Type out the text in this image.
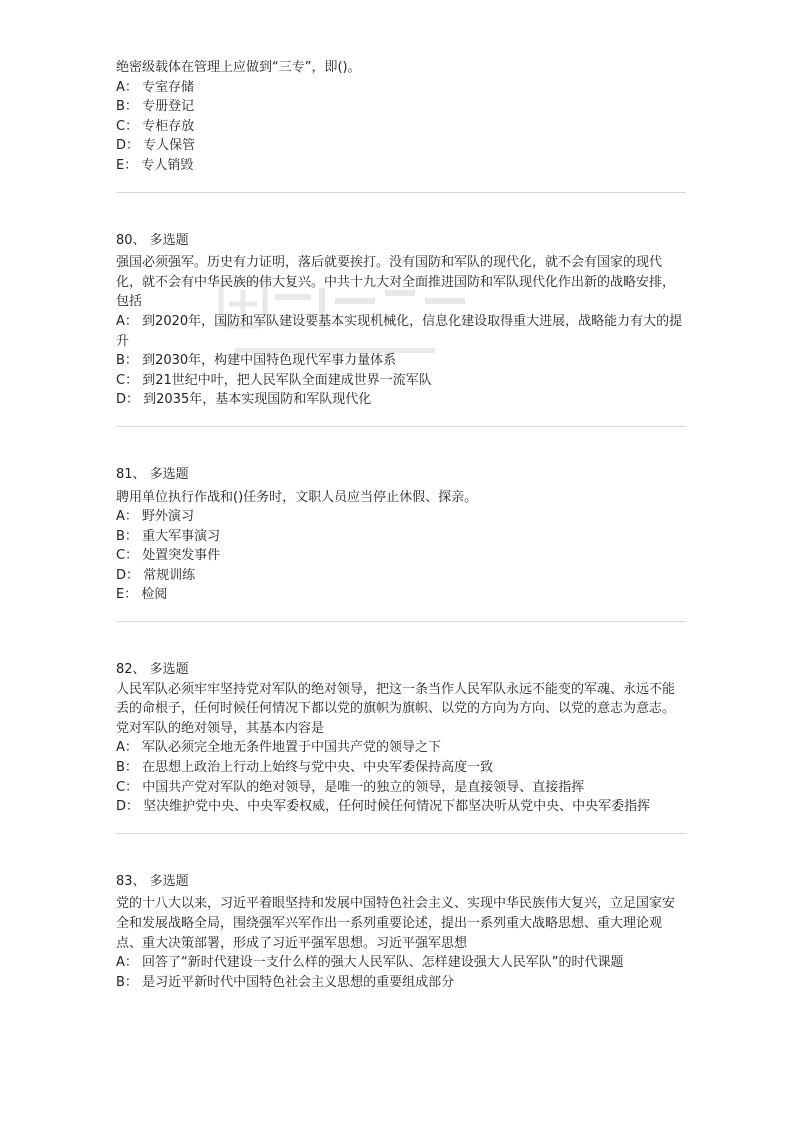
绝密级载体在管理上应做到“三专”，即()。
A： 专室存储
B： 专册登记
C： 专柜存放
D： 专人保管
E： 专人销毁
80、 多选题
强国必须强军。历史有力证明，落后就要挨打。没有国防和军队的现代化，就不会有国家的现代化，就不会有中华民族的伟大复兴。中共十九大对全面推进国防和军队现代化作出新的战略安排，包括
A： 到2020年，国防和军队建设要基本实现机械化，信息化建设取得重大进展，战略能力有大的提升
B： 到2030年，构建中国特色现代军事力量体系
C： 到21世纪中叶，把人民军队全面建成世界一流军队
D： 到2035年，基本实现国防和军队现代化
81、 多选题
聘用单位执行作战和()任务时，文职人员应当停止休假、探亲。
A： 野外演习
B： 重大军事演习
C： 处置突发事件
D： 常规训练
E： 检阅
82、 多选题
人民军队必须牢牢坚持党对军队的绝对领导，把这一条当作人民军队永远不能变的军魂、永远不能丢的命根子，任何时候任何情况下都以党的旗帜为旗帜、以党的方向为方向、以党的意志为意志。党对军队的绝对领导，其基本内容是
A： 军队必须完全地无条件地置于中国共产党的领导之下
B： 在思想上政治上行动上始终与党中央、中央军委保持高度一致
C： 中国共产党对军队的绝对领导，是唯一的独立的领导，是直接领导、直接指挥
D： 坚决维护党中央、中央军委权威，任何时候任何情况下都坚决听从党中央、中央军委指挥
83、 多选题
党的十八大以来，习近平着眼坚持和发展中国特色社会主义、实现中华民族伟大复兴，立足国家安全和发展战略全局，围绕强军兴军作出一系列重要论述，提出一系列重大战略思想、重大理论观点、重大决策部署，形成了习近平强军思想。习近平强军思想
A： 回答了“新时代建设一支什么样的强大人民军队、怎样建设强大人民军队”的时代课题
B： 是习近平新时代中国特色社会主义思想的重要组成部分
